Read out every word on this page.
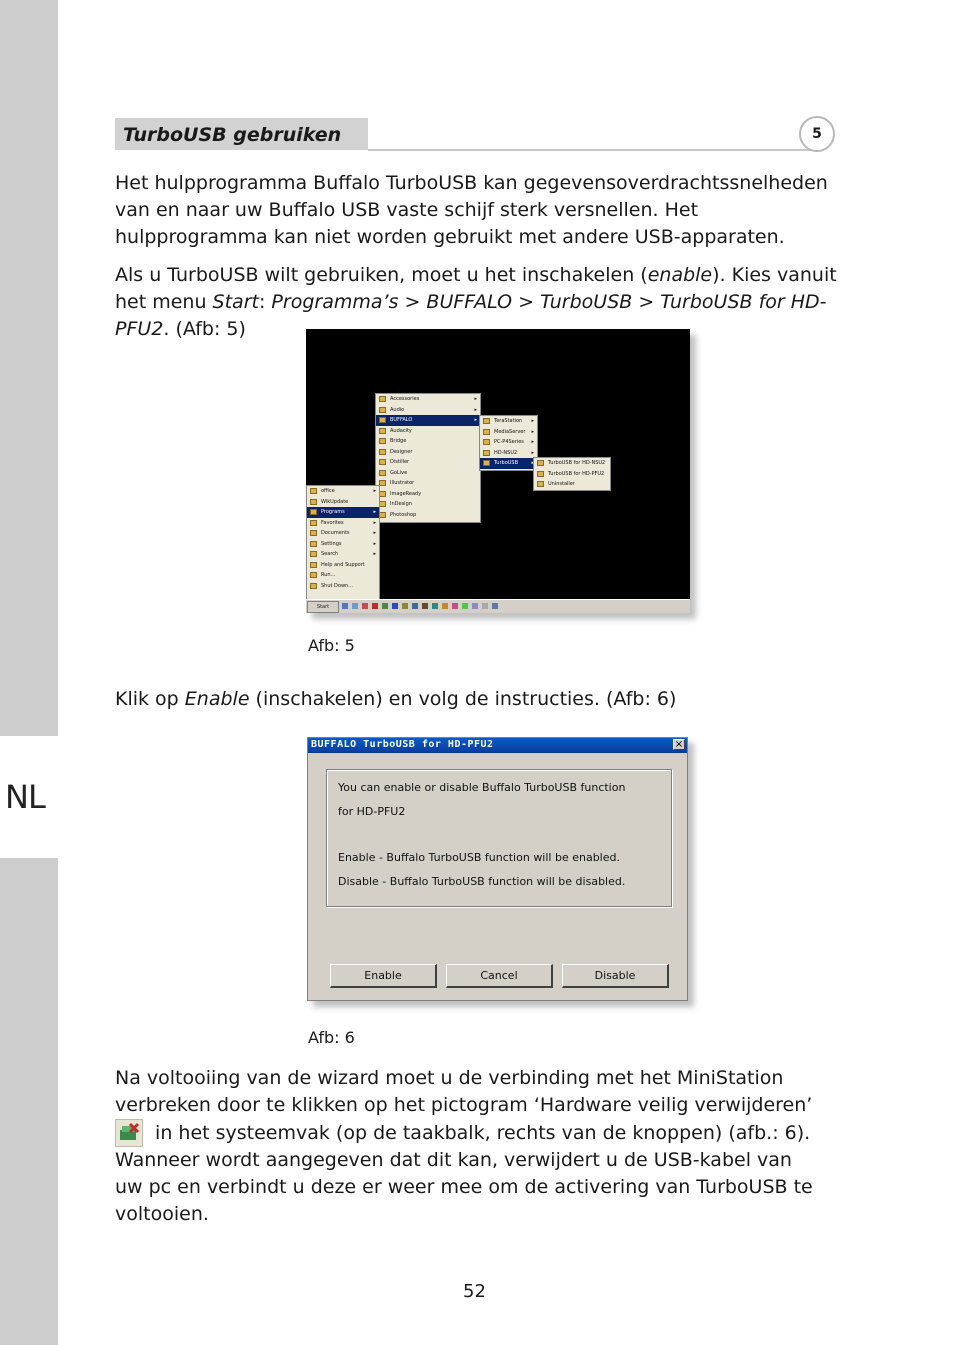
NL
TurboUSB gebruiken	5
Het hulpprogramma Buffalo TurboUSB kan gegevensoverdrachtssnelheden van en naar uw Buffalo USB vaste schijf sterk versnellen. Het hulpprogramma kan niet worden gebruikt met andere USB-apparaten.
Als u TurboUSB wilt gebruiken, moet u het inschakelen (enable). Kies vanuit het menu Start: Programma’s > BUFFALO > TurboUSB > TurboUSB for HD-PFU2. (Afb: 5)
Accessories	▸
Audio	▸
BUFFALO	▸
Audacity
Bridge
Designer
Distiller
GoLive
Illustrator
ImageReady
InDesign
Photoshop
TeraStation ▸
MediaServer ▸
PC-P4Series ▸
HD-NSU2	▸
TurboUSB	TurboUSB for HD-NSU2
TurboUSB for HD-PFU2
Uninstaller
office	▸
WikUpdate
Programs	▸
Favorites	▸
Documents	▸
Settings	▸
Search	▸
Help and Support
Run...
Shut Down...
Start
Afb: 5
Klik op Enable (inschakelen) en volg de instructies. (Afb: 6)
BUFFALO TurboUSB for HD-PFU2	×
You can enable or disable Buffalo TurboUSB function
for HD-PFU2
Enable - Buffalo TurboUSB function will be enabled.
Disable - Buffalo TurboUSB function will be disabled.
Enable	Cancel	Disable
Afb: 6
Na voltooiing van de wizard moet u de verbinding met het MiniStation verbreken door te klikken op het pictogram ‘Hardware veilig verwijderen’
in het systeemvak (op de taakbalk, rechts van de knoppen) (afb.: 6). Wanneer wordt aangegeven dat dit kan, verwijdert u de USB-kabel van uw pc en verbindt u deze er weer mee om de activering van TurboUSB te voltooien.
52
